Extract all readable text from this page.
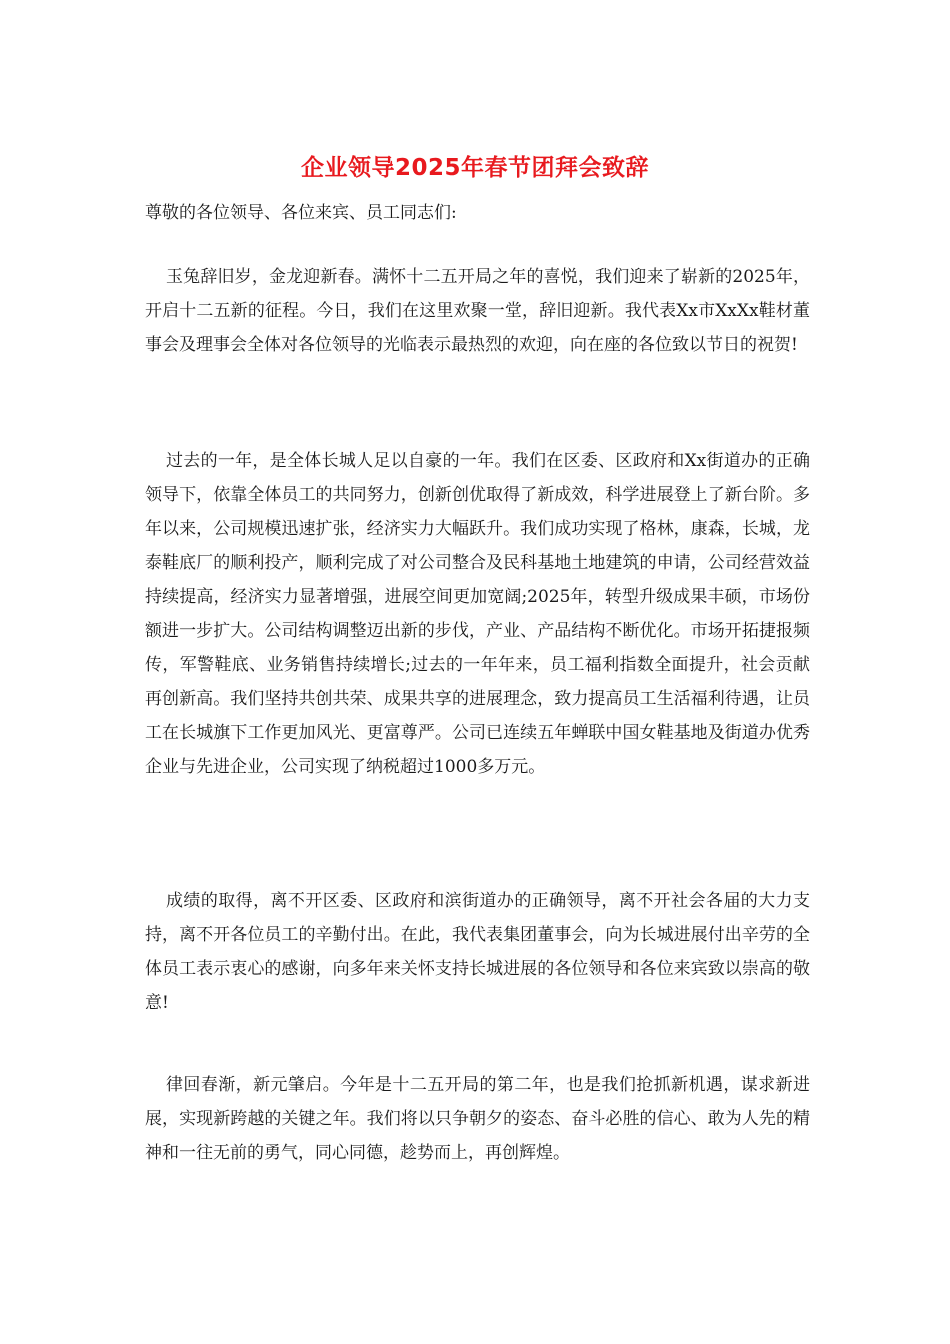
企业领导2025年春节团拜会致辞
尊敬的各位领导、各位来宾、员工同志们:

玉兔辞旧岁，金龙迎新春。满怀十二五开局之年的喜悦，我们迎来了崭新的2025年，开启十二五新的征程。今日，我们在这里欢聚一堂，辞旧迎新。我代表Xx市XxXx鞋材董事会及理事会全体对各位领导的光临表示最热烈的欢迎，向在座的各位致以节日的祝贺!

过去的一年，是全体长城人足以自豪的一年。我们在区委、区政府和Xx街道办的正确领导下，依靠全体员工的共同努力，创新创优取得了新成效，科学进展登上了新台阶。多年以来，公司规模迅速扩张，经济实力大幅跃升。我们成功实现了格林，康森，长城，龙泰鞋底厂的顺利投产，顺利完成了对公司整合及民科基地土地建筑的申请，公司经营效益持续提高，经济实力显著增强，进展空间更加宽阔;2025年，转型升级成果丰硕，市场份额进一步扩大。公司结构调整迈出新的步伐，产业、产品结构不断优化。市场开拓捷报频传，军警鞋底、业务销售持续增长;过去的一年年来，员工福利指数全面提升，社会贡献再创新高。我们坚持共创共荣、成果共享的进展理念，致力提高员工生活福利待遇，让员工在长城旗下工作更加风光、更富尊严。公司已连续五年蝉联中国女鞋基地及街道办优秀企业与先进企业，公司实现了纳税超过1000多万元。

成绩的取得，离不开区委、区政府和滨街道办的正确领导，离不开社会各届的大力支持，离不开各位员工的辛勤付出。在此，我代表集团董事会，向为长城进展付出辛劳的全体员工表示衷心的感谢，向多年来关怀支持长城进展的各位领导和各位来宾致以崇高的敬意!

律回春渐，新元肇启。今年是十二五开局的第二年，也是我们抢抓新机遇，谋求新进展，实现新跨越的关键之年。我们将以只争朝夕的姿态、奋斗必胜的信心、敢为人先的精神和一往无前的勇气，同心同德，趁势而上，再创辉煌。
